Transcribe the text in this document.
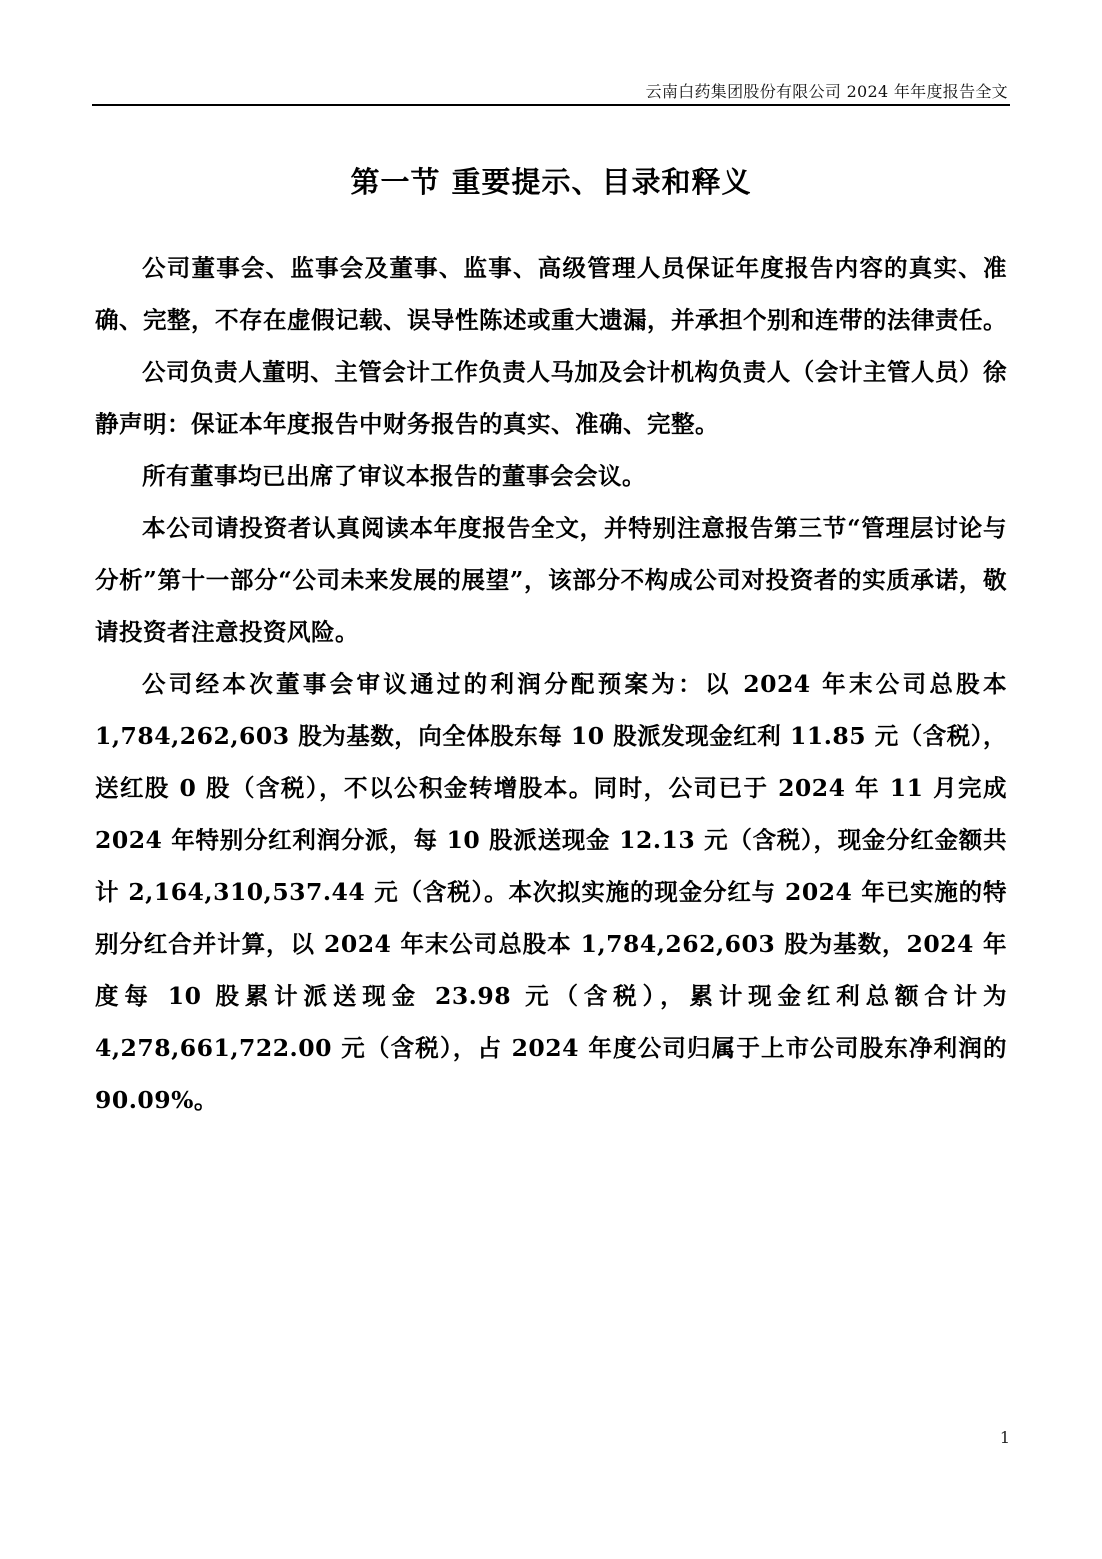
云南白药集团股份有限公司 2024 年年度报告全文
第一节 重要提示、目录和释义

公司董事会、监事会及董事、监事、高级管理人员保证年度报告内容的真实、准确、完整，不存在虚假记载、误导性陈述或重大遗漏，并承担个别和连带的法律责任。

公司负责人董明、主管会计工作负责人马加及会计机构负责人（会计主管人员）徐静声明：保证本年度报告中财务报告的真实、准确、完整。

所有董事均已出席了审议本报告的董事会会议。

本公司请投资者认真阅读本年度报告全文，并特别注意报告第三节“管理层讨论与分析”第十一部分“公司未来发展的展望”，该部分不构成公司对投资者的实质承诺，敬请投资者注意投资风险。

公司经本次董事会审议通过的利润分配预案为：以 2024 年末公司总股本 1,784,262,603 股为基数，向全体股东每 10 股派发现金红利 11.85 元（含税），送红股 0 股（含税），不以公积金转增股本。同时，公司已于 2024 年 11 月完成 2024 年特别分红利润分派，每 10 股派送现金 12.13 元（含税），现金分红金额共计 2,164,310,537.44 元（含税）。本次拟实施的现金分红与 2024 年已实施的特别分红合并计算，以 2024 年末公司总股本 1,784,262,603 股为基数，2024 年度每 10 股累计派送现金 23.98 元（含税），累计现金红利总额合计为 4,278,661,722.00 元（含税），占 2024 年度公司归属于上市公司股东净利润的 90.09%。

1
